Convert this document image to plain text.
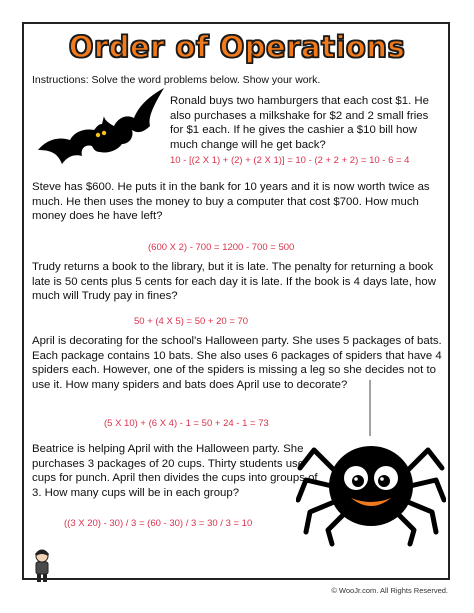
Order of Operations
Instructions: Solve the word problems below. Show your work.
Ronald buys two hamburgers that each cost $1. He also purchases a milkshake for $2 and 2 small fries for $1 each. If he gives the cashier a $10 bill how much change will he get back?
10 - [(2 X 1) + (2) + (2 X 1)] = 10 - (2 + 2 + 2) = 10 - 6 = 4
Steve has $600. He puts it in the bank for 10 years and it is now worth twice as much. He then uses the money to buy a computer that cost $700. How much money does he have left?
(600 X 2) - 700 = 1200 - 700 = 500
Trudy returns a book to the library, but it is late. The penalty for returning a book late is 50 cents plus 5 cents for each day it is late. If the book is 4 days late, how much will Trudy pay in fines?
50 + (4 X 5) = 50 + 20 = 70
April is decorating for the school's Halloween party. She uses 5 packages of bats. Each package contains 10 bats. She also uses 6 packages of spiders that have 4 spiders each. However, one of the spiders is missing a leg so she decides not to use it. How many spiders and bats does April use to decorate?
(5 X 10) + (6 X 4) - 1 = 50 + 24 - 1 = 73
Beatrice is helping April with the Halloween party. She purchases 3 packages of 20 cups. Thirty students use cups for punch. April then divides the cups into groups of 3. How many cups will be in each group?
((3 X 20) - 30) / 3 = (60 - 30) / 3 = 30 / 3 = 10
© WooJr.com. All Rights Reserved.
